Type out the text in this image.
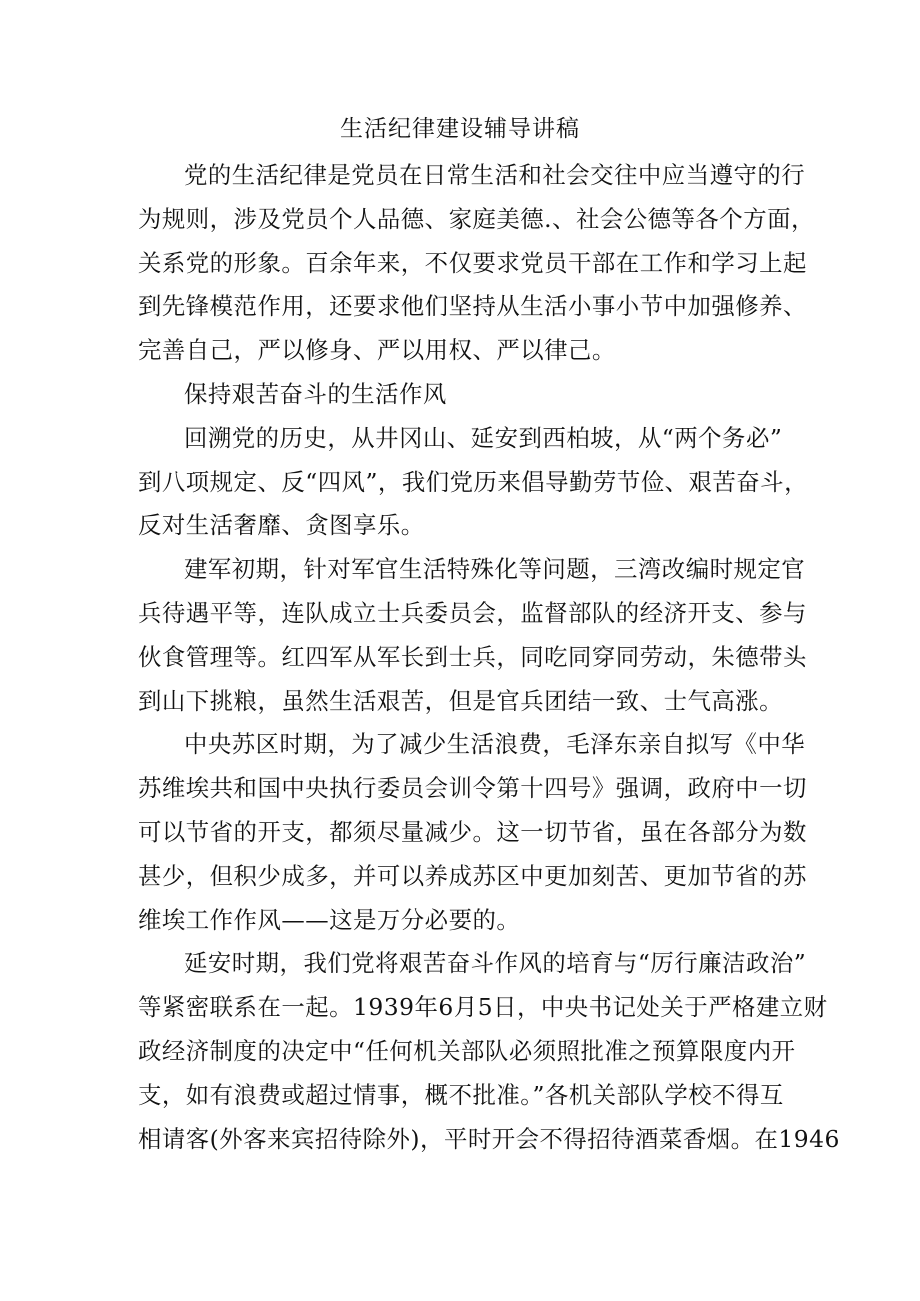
生活纪律建设辅导讲稿
党的生活纪律是党员在日常生活和社会交往中应当遵守的行
为规则，涉及党员个人品德、家庭美德.、社会公德等各个方面，
关系党的形象。百余年来，不仅要求党员干部在工作和学习上起
到先锋模范作用，还要求他们坚持从生活小事小节中加强修养、
完善自己，严以修身、严以用权、严以律己。
保持艰苦奋斗的生活作风
回溯党的历史，从井冈山、延安到西柏坡，从“两个务必”
到八项规定、反“四风”，我们党历来倡导勤劳节俭、艰苦奋斗，
反对生活奢靡、贪图享乐。
建军初期，针对军官生活特殊化等问题，三湾改编时规定官
兵待遇平等，连队成立士兵委员会，监督部队的经济开支、参与
伙食管理等。红四军从军长到士兵，同吃同穿同劳动，朱德带头
到山下挑粮，虽然生活艰苦，但是官兵团结一致、士气高涨。
中央苏区时期，为了减少生活浪费，毛泽东亲自拟写《中华
苏维埃共和国中央执行委员会训令第十四号》强调，政府中一切
可以节省的开支，都须尽量减少。这一切节省，虽在各部分为数
甚少，但积少成多，并可以养成苏区中更加刻苦、更加节省的苏
维埃工作作风——这是万分必要的。
延安时期，我们党将艰苦奋斗作风的培育与“厉行廉洁政治”
等紧密联系在一起。1939年6月5日，中央书记处关于严格建立财
政经济制度的决定中“任何机关部队必须照批准之预算限度内开
支，如有浪费或超过情事，概不批准。”各机关部队学校不得互
相请客(外客来宾招待除外)，平时开会不得招待酒菜香烟。在1946
